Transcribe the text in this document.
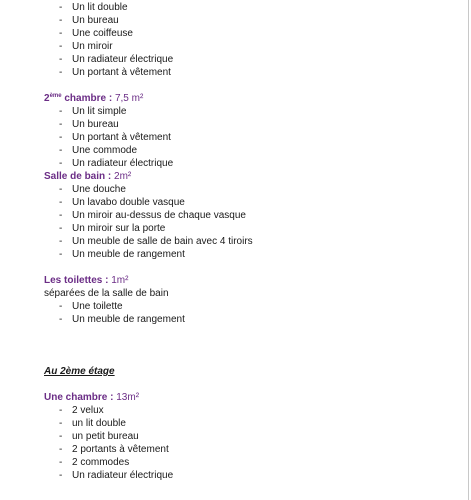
- Un lit double
- Un bureau
- Une coiffeuse
- Un miroir
- Un radiateur électrique
- Un portant à vêtement
2ème chambre : 7,5 m²
- Un lit simple
- Un bureau
- Un portant à vêtement
- Une commode
- Un radiateur électrique
Salle de bain : 2m²
- Une douche
- Un lavabo double vasque
- Un miroir au-dessus de chaque vasque
- Un miroir sur la porte
- Un meuble de salle de bain avec 4 tiroirs
- Un meuble de rangement
Les toilettes : 1m²
séparées de la salle de bain
- Une toilette
- Un meuble de rangement
Au 2ème étage
Une chambre : 13m²
- 2 velux
- un lit double
- un petit bureau
- 2 portants à vêtement
- 2 commodes
- Un radiateur électrique
